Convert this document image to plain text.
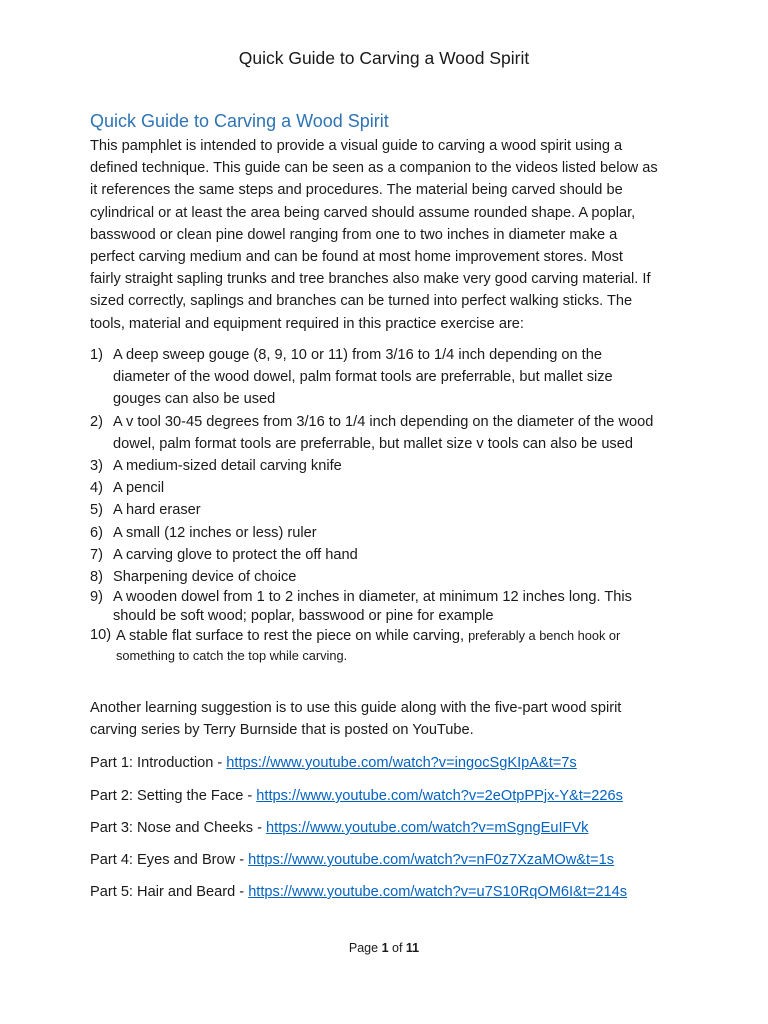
Quick Guide to Carving a Wood Spirit
Quick Guide to Carving a Wood Spirit

This pamphlet is intended to provide a visual guide to carving a wood spirit using a
defined technique. This guide can be seen as a companion to the videos listed below as
it references the same steps and procedures. The material being carved should be
cylindrical or at least the area being carved should assume rounded shape. A poplar,
basswood or clean pine dowel ranging from one to two inches in diameter make a
perfect carving medium and can be found at most home improvement stores. Most
fairly straight sapling trunks and tree branches also make very good carving material. If
sized correctly, saplings and branches can be turned into perfect walking sticks. The
tools, material and equipment required in this practice exercise are:

1) A deep sweep gouge (8, 9, 10 or 11) from 3/16 to 1/4 inch depending on the
diameter of the wood dowel, palm format tools are preferrable, but mallet size
gouges can also be used
2) A v tool 30-45 degrees from 3/16 to 1/4 inch depending on the diameter of the wood
dowel, palm format tools are preferrable, but mallet size v tools can also be used
3) A medium-sized detail carving knife
4) A pencil
5) A hard eraser
6) A small (12 inches or less) ruler
7) A carving glove to protect the off hand
8) Sharpening device of choice
9) A wooden dowel from 1 to 2 inches in diameter, at minimum 12 inches long. This
should be soft wood; poplar, basswood or pine for example
10) A stable flat surface to rest the piece on while carving, preferably a bench hook or
something to catch the top while carving.

Another learning suggestion is to use this guide along with the five-part wood spirit
carving series by Terry Burnside that is posted on YouTube.

Part 1: Introduction - https://www.youtube.com/watch?v=ingocSgKIpA&t=7s
Part 2: Setting the Face - https://www.youtube.com/watch?v=2eOtpPPjx-Y&t=226s
Part 3: Nose and Cheeks - https://www.youtube.com/watch?v=mSgngEuIFVk
Part 4: Eyes and Brow - https://www.youtube.com/watch?v=nF0z7XzaMOw&t=1s
Part 5: Hair and Beard - https://www.youtube.com/watch?v=u7S10RqOM6I&t=214s
Page 1 of 11
